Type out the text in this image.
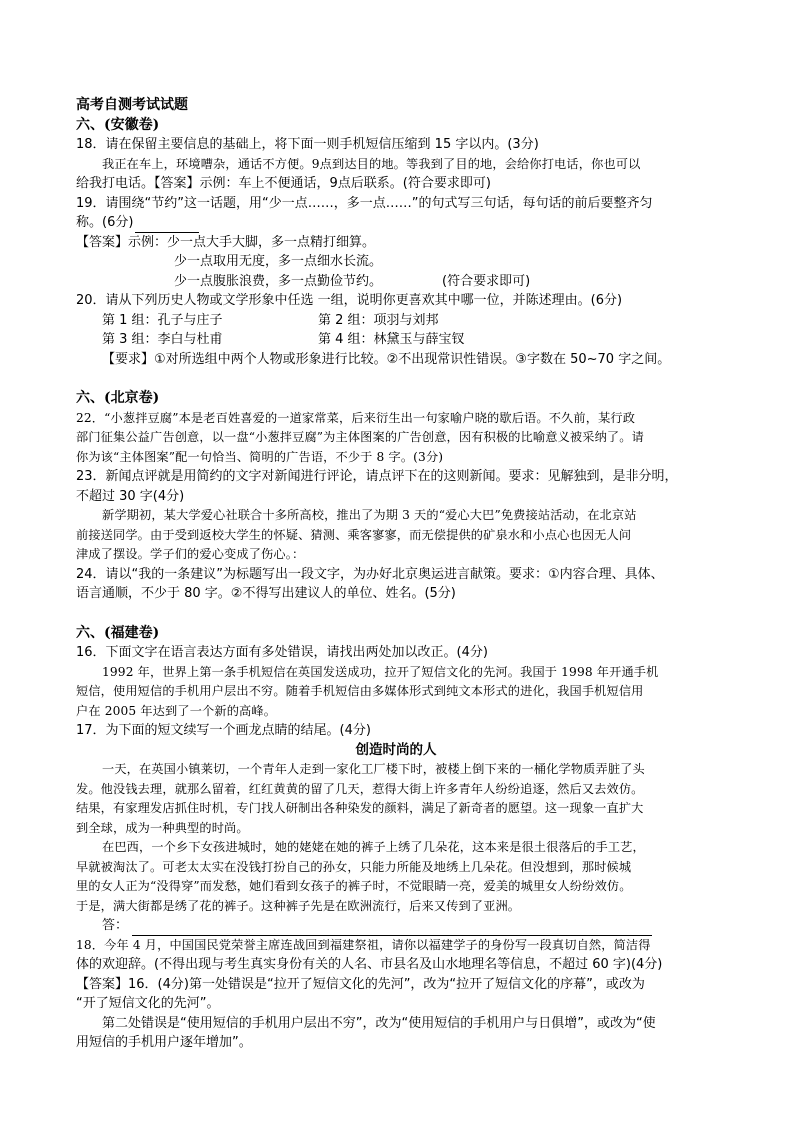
高考自测考试试题
六、(安徽卷)
18．请在保留主要信息的基础上，将下面一则手机短信压缩到 15 字以内。(3分)
我正在车上，环境嘈杂，通话不方便。9点到达目的地。等我到了目的地，会给你打电话，你也可以
给我打电话。【答案】示例：车上不便通话，9点后联系。(符合要求即可)
19．请围绕“节约”这一话题，用“少一点……，多一点……”的句式写三句话，每句话的前后要整齐匀
称。(6分)
【答案】示例：少一点大手大脚，多一点精打细算。
少一点取用无度，多一点细水长流。
少一点腹胀浪费，多一点勤俭节约。	(符合要求即可)
20．请从下列历史人物或文学形象中任选 一组，说明你更喜欢其中哪一位，并陈述理由。(6分)
第 1 组：孔子与庄子	第 2 组：项羽与刘邦
第 3 组：李白与杜甫	第 4 组：林黛玉与薛宝钗
【要求】①对所选组中两个人物或形象进行比较。②不出现常识性错误。③字数在 50~70 字之间。
六、(北京卷)
22．“小葱拌豆腐”本是老百姓喜爱的一道家常菜，后来衍生出一句家喻户晓的歇后语。不久前，某行政
部门征集公益广告创意，以一盘“小葱拌豆腐”为主体图案的广告创意，因有积极的比喻意义被采纳了。请
你为该“主体图案”配一句恰当、简明的广告语，不少于 8 字。(3分)
23．新闻点评就是用简约的文字对新闻进行评论，请点评下在的这则新闻。要求：见解独到，是非分明，
不超过 30 字(4分)
新学期初，某大学爱心社联合十多所高校，推出了为期 3 天的“爱心大巴”免费接站活动，在北京站
前接送同学。由于受到返校大学生的怀疑、猜测、乘客寥寥，而无偿提供的矿泉水和小点心也因无人问
津成了摆设。学子们的爱心变成了伤心。：
24．请以“我的一条建议”为标题写出一段文字，为办好北京奥运进言献策。要求：①内容合理、具体、
语言通顺，不少于 80 字。②不得写出建议人的单位、姓名。(5分)
六、(福建卷)
16．下面文字在语言表达方面有多处错误，请找出两处加以改正。(4分)
1992 年，世界上第一条手机短信在英国发送成功，拉开了短信文化的先河。我国于 1998 年开通手机
短信，使用短信的手机用户层出不穷。随着手机短信由多媒体形式到纯文本形式的进化，我国手机短信用
户在 2005 年达到了一个新的高峰。
17．为下面的短文续写一个画龙点睛的结尾。(4分)
创造时尚的人
一天，在英国小镇莱切，一个青年人走到一家化工厂楼下时，被楼上倒下来的一桶化学物质弄脏了头
发。他没钱去理，就那么留着，红红黄黄的留了几天，惹得大街上许多青年人纷纷追逐，然后又去效仿。
结果，有家理发店抓住时机，专门找人研制出各种染发的颜料，满足了新奇者的愿望。这一现象一直扩大
到全球，成为一种典型的时尚。
在巴西，一个乡下女孩进城时，她的姥姥在她的裤子上绣了几朵花，这本来是很土很落后的手工艺，
早就被淘汰了。可老太太实在没钱打扮自己的孙女，只能力所能及地绣上几朵花。但没想到，那时候城
里的女人正为“没得穿”而发愁，她们看到女孩子的裤子时，不觉眼睛一亮，爱美的城里女人纷纷效仿。
于是，满大街都是绣了花的裤子。这种裤子先是在欧洲流行，后来又传到了亚洲。
答：
18．今年 4 月，中国国民党荣誉主席连战回到福建祭祖，请你以福建学子的身份写一段真切自然，简洁得
体的欢迎辞。(不得出现与考生真实身份有关的人名、市县名及山水地理名等信息，不超过 60 字)(4分)
【答案】16．(4分)第一处错误是“拉开了短信文化的先河”，改为“拉开了短信文化的序幕”，或改为
“开了短信文化的先河”。
第二处错误是“使用短信的手机用户层出不穷”，改为“使用短信的手机用户与日俱增”，或改为“使
用短信的手机用户逐年增加”。
